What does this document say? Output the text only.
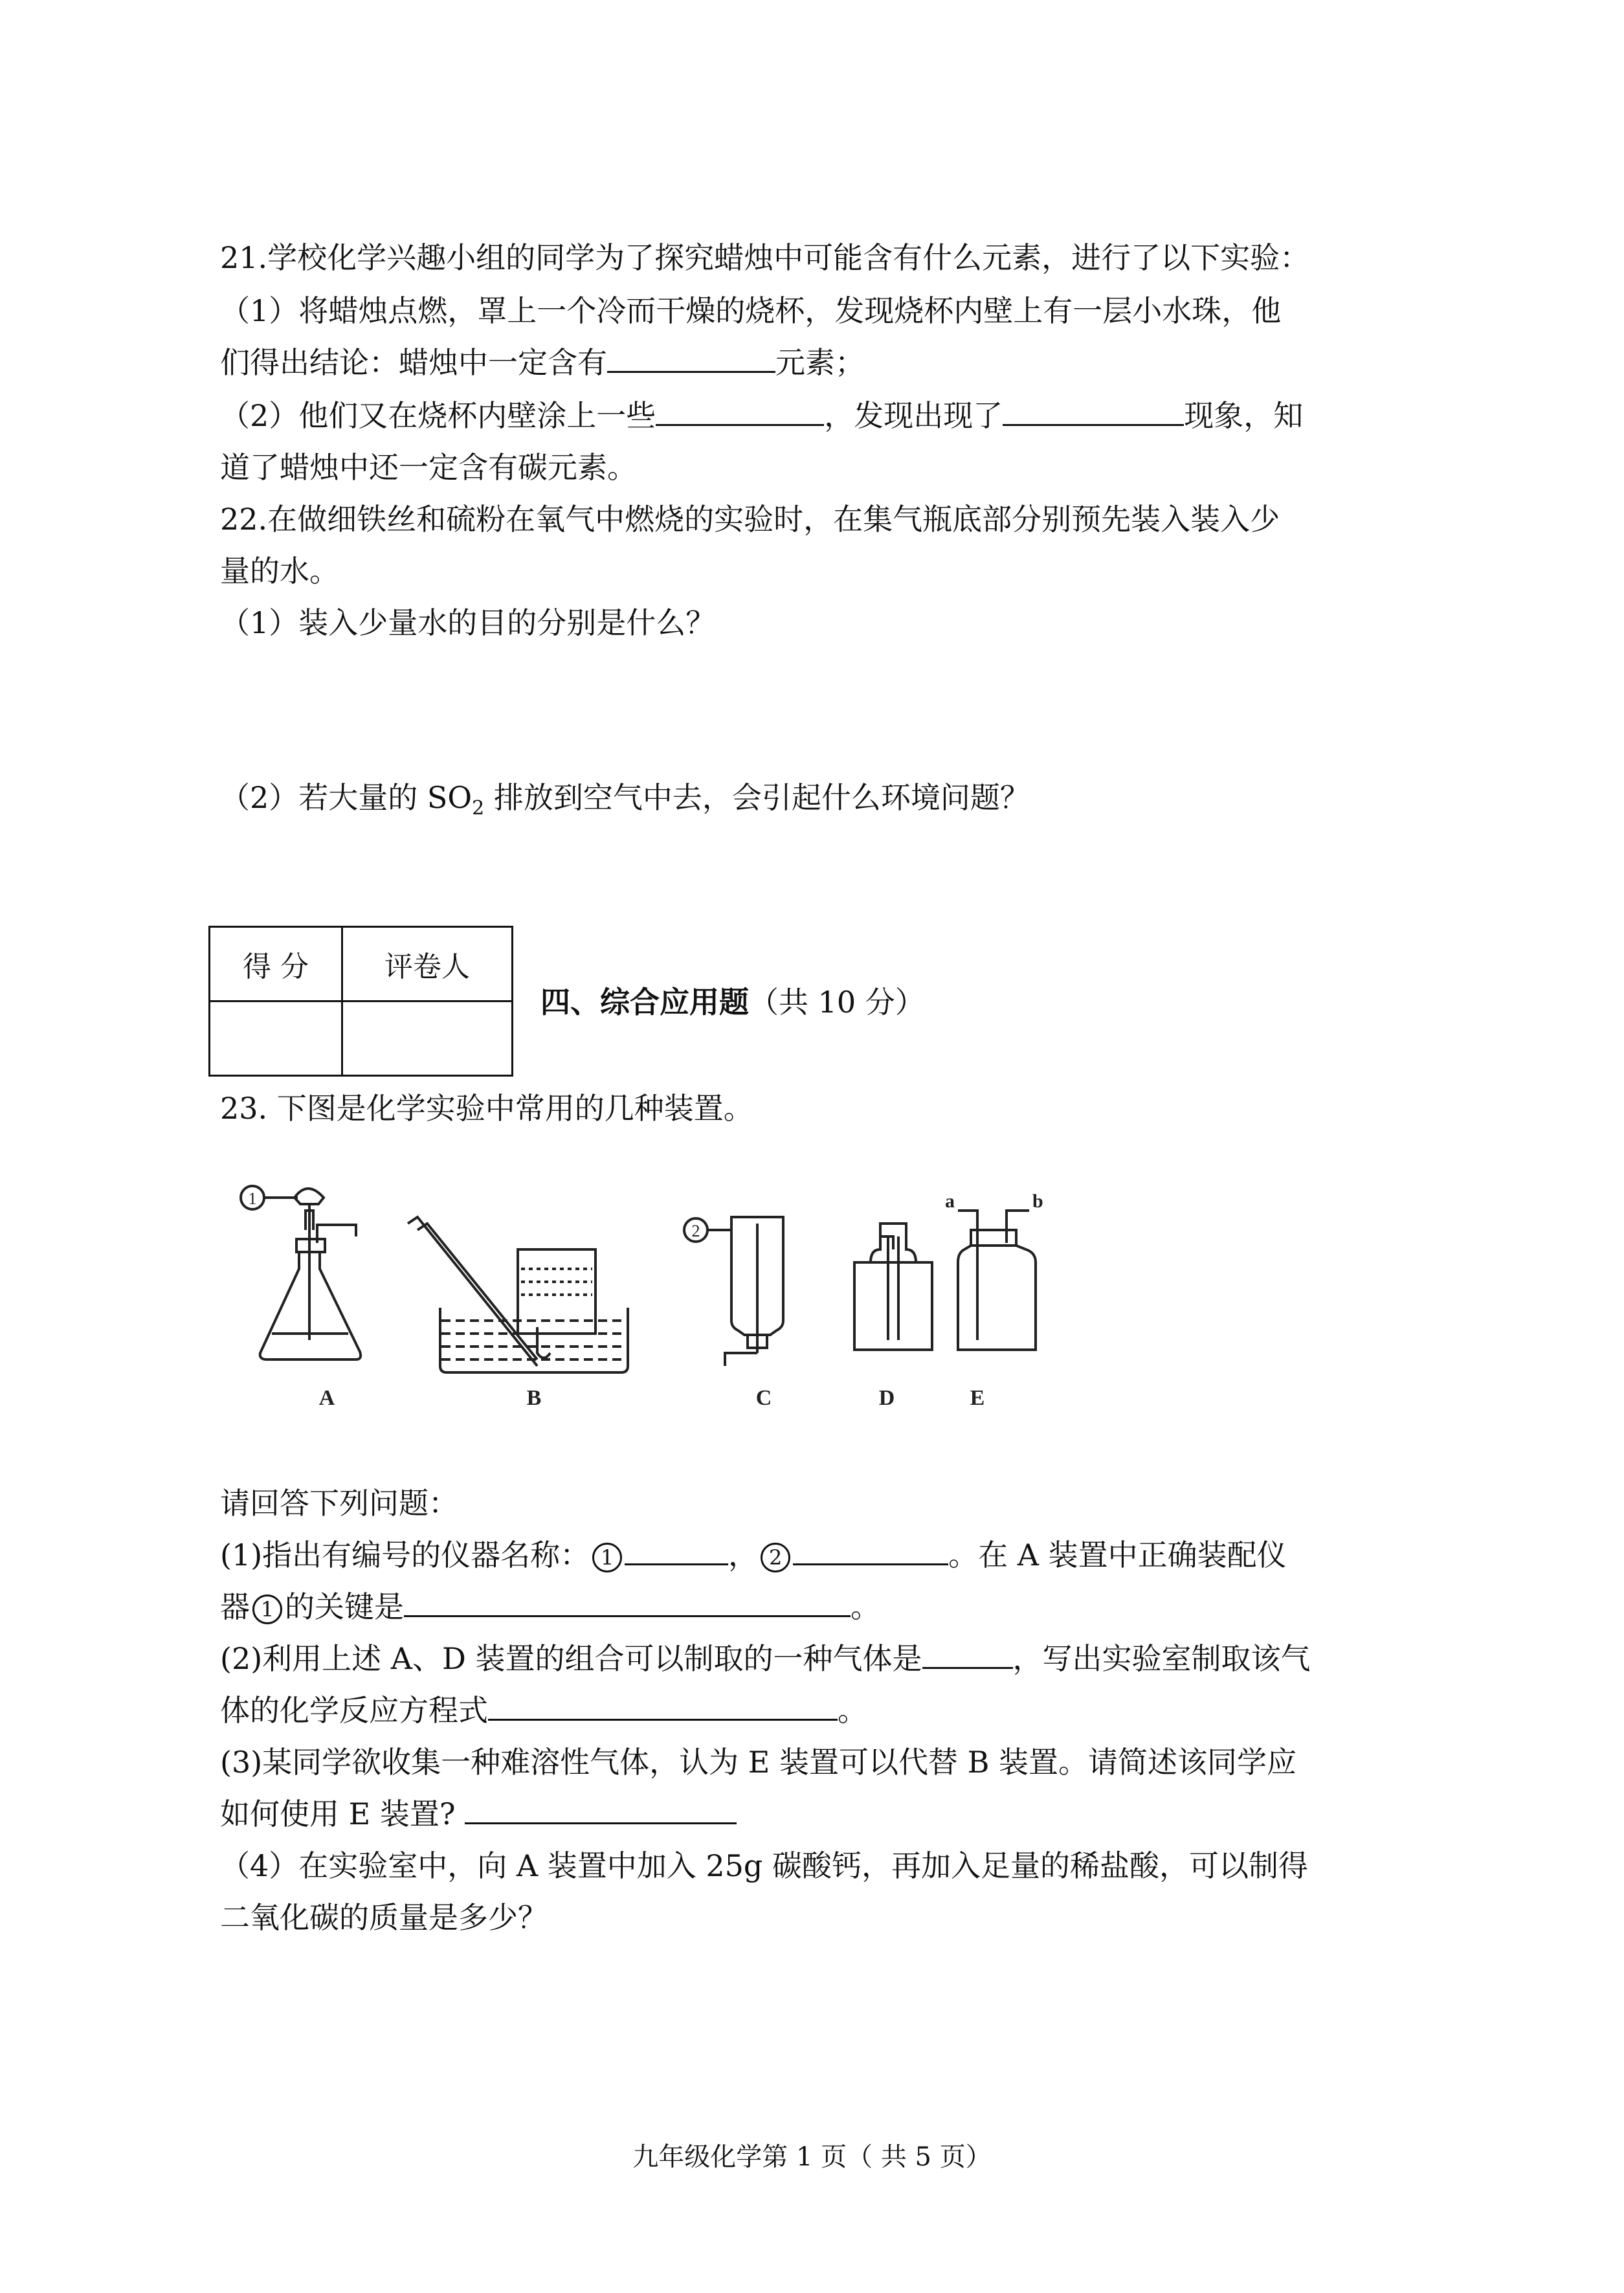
21.学校化学兴趣小组的同学为了探究蜡烛中可能含有什么元素，进行了以下实验：
（1）将蜡烛点燃，罩上一个冷而干燥的烧杯，发现烧杯内壁上有一层小水珠，他
们得出结论：蜡烛中一定含有	元素；
（2）他们又在烧杯内壁涂上一些	，发现出现了	现象，知
道了蜡烛中还一定含有碳元素。
22.在做细铁丝和硫粉在氧气中燃烧的实验时，在集气瓶底部分别预先装入装入少
量的水。
（1）装入少量水的目的分别是什么？
（2）若大量的 $SO_2$ 排放到空气中去，会引起什么环境问题？
得 分	评卷人

四、综合应用题（共 10 分）
23. 下图是化学实验中常用的几种装置。
1
A	B
2
C	D
a	b
E
请回答下列问题：
(1)指出有编号的仪器名称： 1	， 2	。在 A 装置中正确装配仪
器 1 的关键是	。
(2)利用上述 A、D 装置的组合可以制取的一种气体是	，写出实验室制取该气
体的化学反应方程式	。
(3)某同学欲收集一种难溶性气体，认为 E 装置可以代替 B 装置。请简述该同学应
如何使用 E 装置?
（4）在实验室中，向 A 装置中加入 25g 碳酸钙，再加入足量的稀盐酸，可以制得
二氧化碳的质量是多少？
九年级化学第 1 页（ 共 5 页）
